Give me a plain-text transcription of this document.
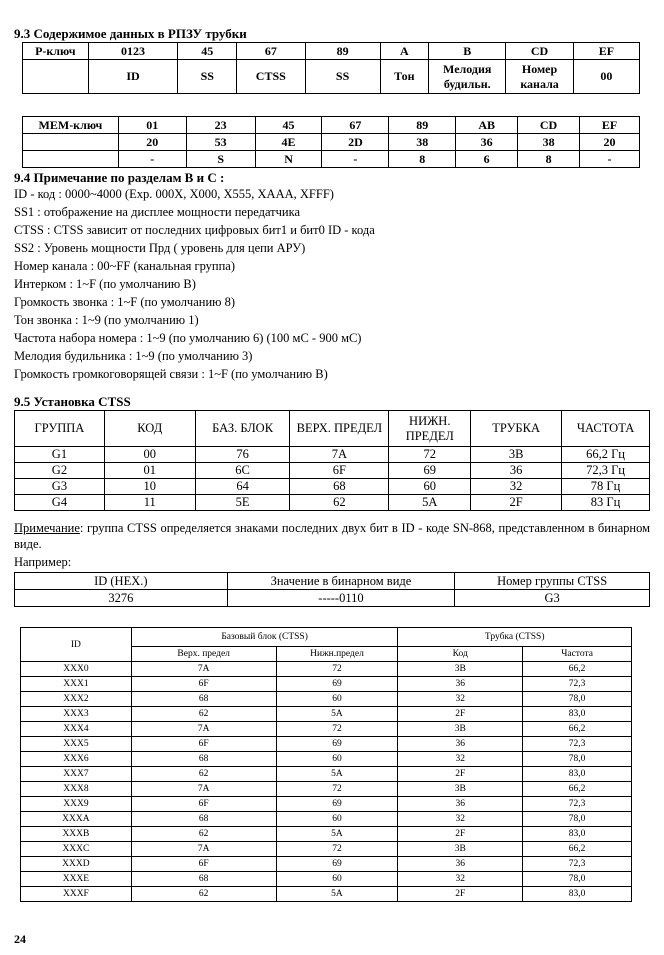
9.3 Содержимое данных в РПЗУ трубки
Р-ключ	0123	45	67	89	A	B	CD	EF
	ID	SS	CTSS	SS	Тон	Мелодия будильн.	Номер канала	00
МЕМ-ключ	01	23	45	67	89	AB	CD	EF
	20	53	4E	2D	38	36	38	20
	-	S	N	-	8	6	8	-
9.4 Примечание по разделам B и C :
ID - код : 0000~4000 (Exp. 000X, X000, X555, XAAA, XFFF)
SS1 : отображение на дисплее мощности передатчика
CTSS : CTSS зависит от последних цифровых бит1 и бит0 ID - кода
SS2 : Уровень мощности Прд ( уровень для цепи АРУ)
Номер канала : 00~FF (канальная группа)
Интерком : 1~F (по умолчанию B)
Громкость звонка : 1~F (по умолчанию 8)
Тон звонка : 1~9 (по умолчанию 1)
Частота набора номера : 1~9 (по умолчанию 6) (100 мС - 900 мС)
Мелодия будильника : 1~9 (по умолчанию 3)
Громкость громкоговорящей связи : 1~F (по умолчанию B)
9.5 Установка CTSS
ГРУППА	КОД	БАЗ. БЛОК	ВЕРХ. ПРЕДЕЛ	НИЖН. ПРЕДЕЛ	ТРУБКА	ЧАСТОТА
G1	00	76	7A	72	3B	66,2 Гц
G2	01	6C	6F	69	36	72,3 Гц
G3	10	64	68	60	32	78 Гц
G4	11	5E	62	5A	2F	83 Гц
Примечание: группа CTSS определяется знаками последних двух бит в ID - коде SN-868, представленном в бинарном виде.
Например:
ID (HEX.)	Значение в бинарном виде	Номер группы CTSS
3276	-----0110	G3
ID	Базовый блок (CTSS)		Трубка (CTSS)	
	Верх. предел	Нижн.предел	Код	Частота
XXX0	7A	72	3B	66,2
XXX1	6F	69	36	72,3
XXX2	68	60	32	78,0
XXX3	62	5A	2F	83,0
XXX4	7A	72	3B	66,2
XXX5	6F	69	36	72,3
XXX6	68	60	32	78,0
XXX7	62	5A	2F	83,0
XXX8	7A	72	3B	66,2
XXX9	6F	69	36	72,3
XXXA	68	60	32	78,0
XXXB	62	5A	2F	83,0
XXXC	7A	72	3B	66,2
XXXD	6F	69	36	72,3
XXXE	68	60	32	78,0
XXXF	62	5A	2F	83,0
24
